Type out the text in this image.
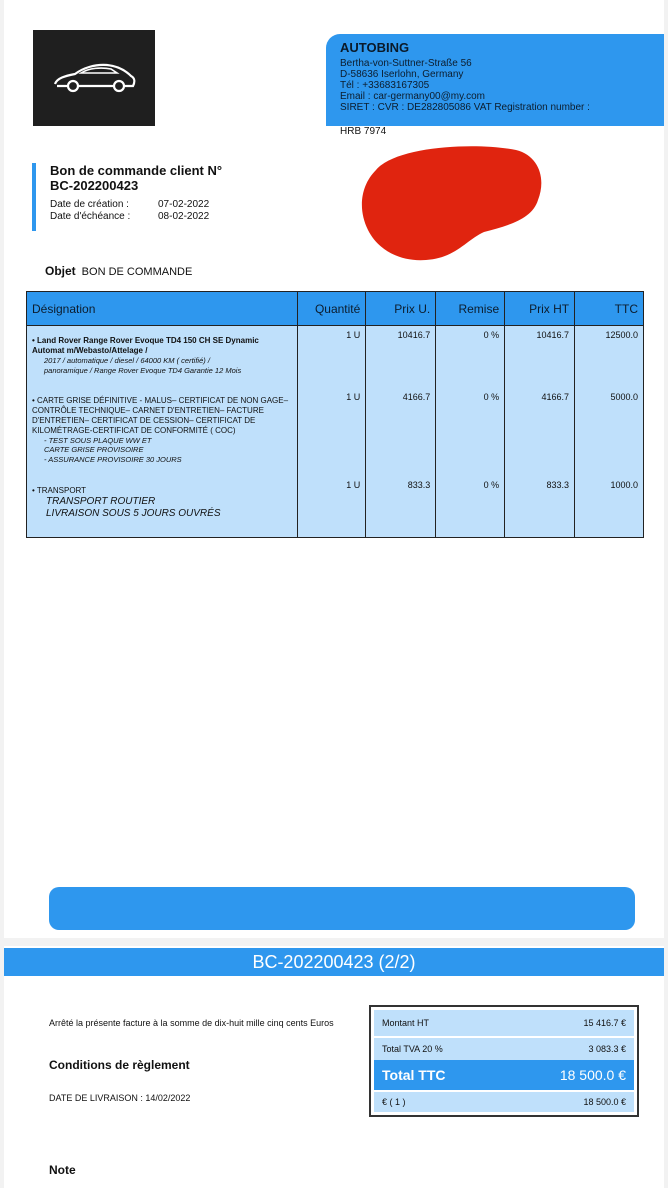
AUTOBING
Bertha-von-Suttner-Straße 56
D-58636 Iserlohn, Germany
Tél : +33683167305
Email : car-germany00@my.com
SIRET : CVR : DE282805086 VAT Registration number :
HRB 7974
Bon de commande client N°
BC-202200423
Date de création :	07-02-2022
Date d'échéance :	08-02-2022
Objet BON DE COMMANDE
Désignation	Quantité	Prix U.	Remise	Prix HT	TTC

• Land Rover Range Rover Evoque TD4 150 CH SE Dynamic Automat m/Webasto/Attelage /
2017 / automatique / diesel / 64000 KM ( certifié) /
panoramique / Range Rover Evoque TD4 Garantie 12 Mois	1 U	10416.7	0 %	10416.7	12500.0

• CARTE GRISE DÉFINITIVE - MALUS– CERTIFICAT DE NON GAGE– CONTRÔLE TECHNIQUE– CARNET D'ENTRETIEN– FACTURE D'ENTRETIEN– CERTIFICAT DE CESSION– CERTIFICAT DE KILOMÉTRAGE-CERTIFICAT DE CONFORMITÉ ( COC)
- TEST SOUS PLAQUE WW ET
CARTE GRISE PROVISOIRE
- ASSURANCE PROVISOIRE 30 JOURS	1 U	4166.7	0 %	4166.7	5000.0

• TRANSPORT
TRANSPORT ROUTIER
LIVRAISON SOUS 5 JOURS OUVRÉS	1 U	833.3	0 %	833.3	1000.0
BC-202200423 (2/2)
Arrêté la présente facture à la somme de dix-huit mille cinq cents Euros
Conditions de règlement
DATE DE LIVRAISON : 14/02/2022
Note
Montant HT	15 416.7 €
Total TVA 20 %	3 083.3 €
Total TTC	18 500.0 €
€ ( 1 )	18 500.0 €
